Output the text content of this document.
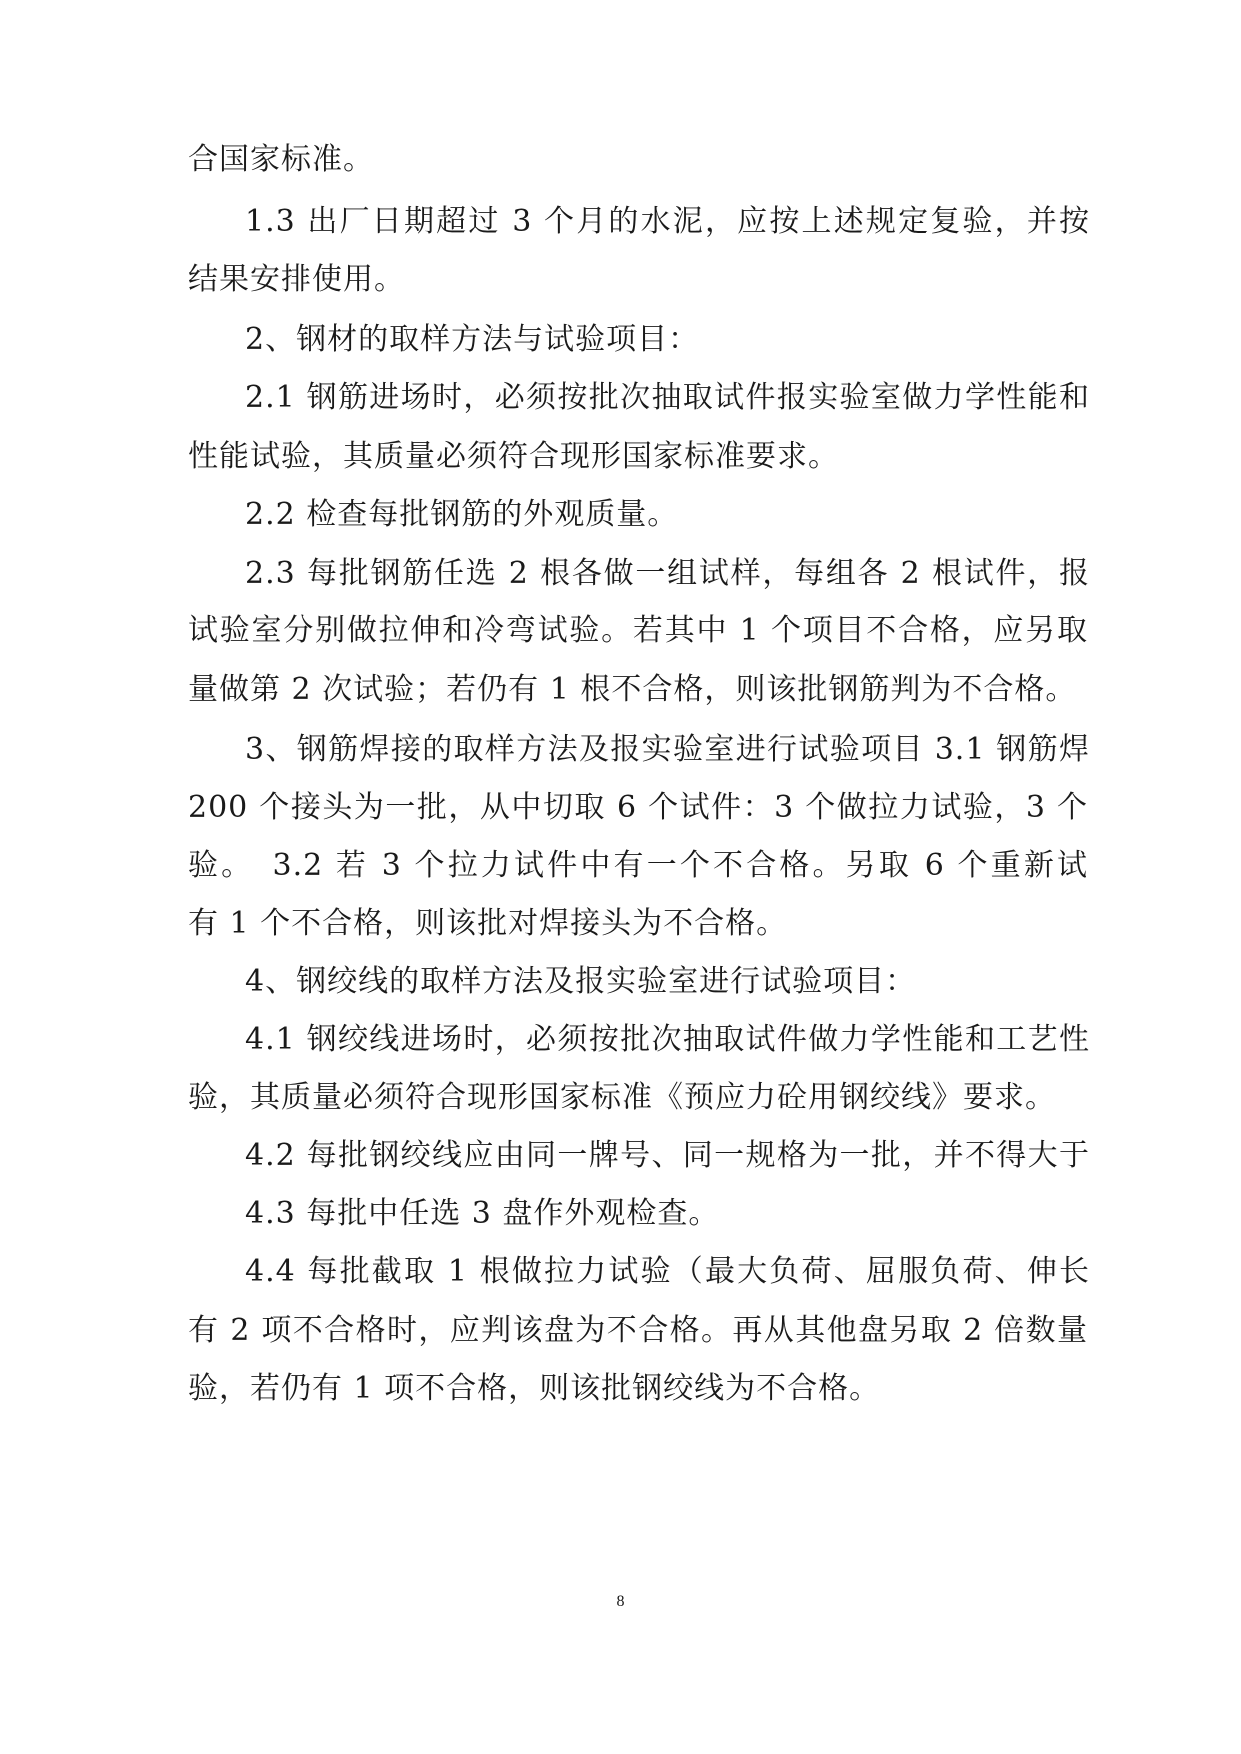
合国家标准。
1.3 出厂日期超过 3 个月的水泥，应按上述规定复验，并按
结果安排使用。
2、钢材的取样方法与试验项目：
2.1 钢筋进场时，必须按批次抽取试件报实验室做力学性能和
性能试验，其质量必须符合现形国家标准要求。
2.2 检查每批钢筋的外观质量。
2.3 每批钢筋任选 2 根各做一组试样，每组各 2 根试件，报
试验室分别做拉伸和冷弯试验。若其中 1 个项目不合格，应另取
量做第 2 次试验；若仍有 1 根不合格，则该批钢筋判为不合格。
3、钢筋焊接的取样方法及报实验室进行试验项目 3.1 钢筋焊
200 个接头为一批，从中切取 6 个试件：3 个做拉力试验，3 个
验。　3.2 若 3 个拉力试件中有一个不合格。另取 6 个重新试
有 1 个不合格，则该批对焊接头为不合格。
4、钢绞线的取样方法及报实验室进行试验项目：
4.1 钢绞线进场时，必须按批次抽取试件做力学性能和工艺性
验，其质量必须符合现形国家标准《预应力砼用钢绞线》要求。
4.2 每批钢绞线应由同一牌号、同一规格为一批，并不得大于
4.3 每批中任选 3 盘作外观检查。
4.4 每批截取 1 根做拉力试验（最大负荷、屈服负荷、伸长
有 2 项不合格时，应判该盘为不合格。再从其他盘另取 2 倍数量
验，若仍有 1 项不合格，则该批钢绞线为不合格。
8
